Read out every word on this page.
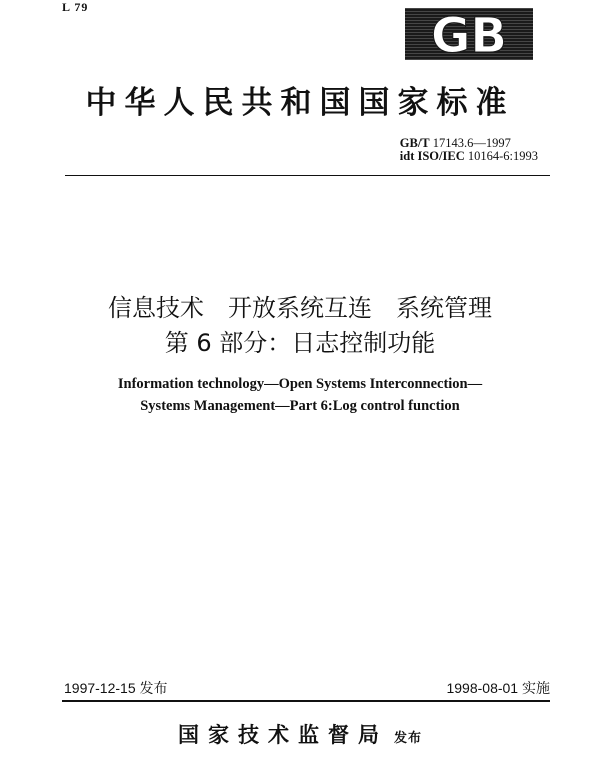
L 79
GB
中华人民共和国国家标准
GB/T 17143.6—1997
idt ISO/IEC 10164-6:1993
信息技术　开放系统互连　系统管理
第 6 部分：日志控制功能
Information technology—Open Systems Interconnection—
Systems Management—Part 6:Log control function
1997-12-15 发布	1998-08-01 实施
国家技术监督局 发布
